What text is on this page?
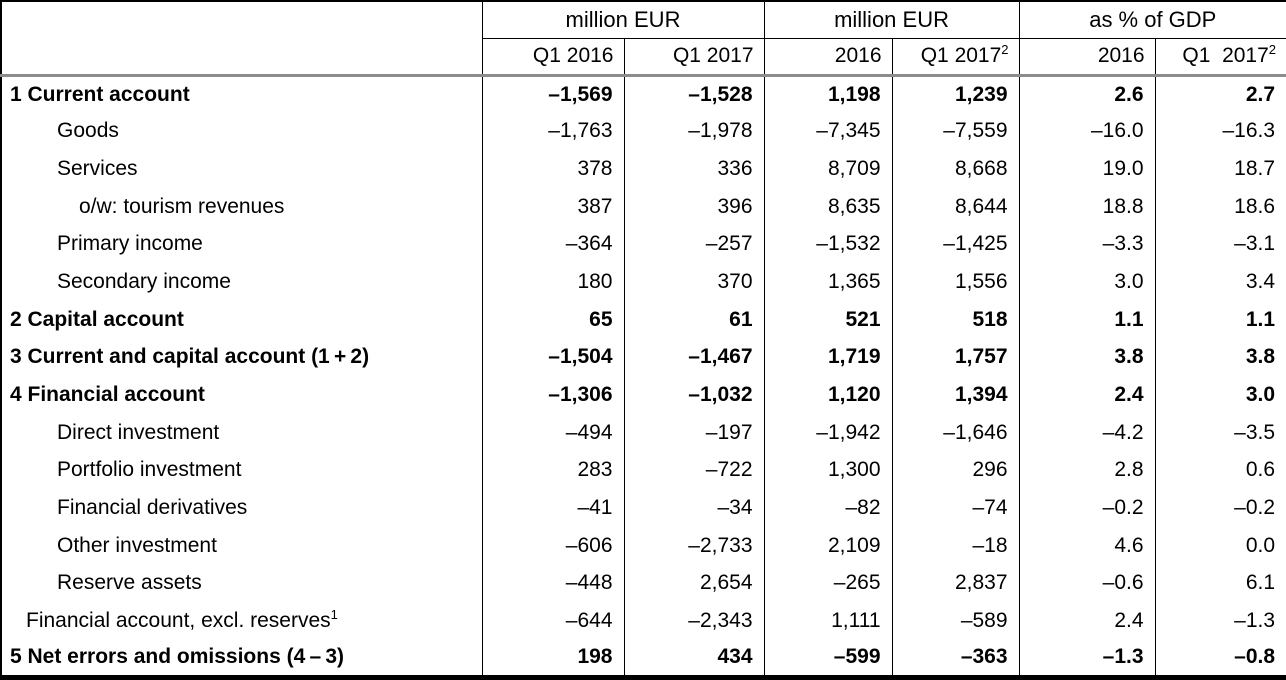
	million EUR		million EUR		as % of GDP	
	Q1 2016	Q1 2017	2016	Q1 2017$^2$	2016	Q1  2017$^2$
1 Current account	–1,569	–1,528	1,198	1,239	2.6	2.7
Goods	–1,763	–1,978	–7,345	–7,559	–16.0	–16.3
Services	378	336	8,709	8,668	19.0	18.7
o/w: tourism revenues	387	396	8,635	8,644	18.8	18.6
Primary income	–364	–257	–1,532	–1,425	–3.3	–3.1
Secondary income	180	370	1,365	1,556	3.0	3.4
2 Capital account	65	61	521	518	1.1	1.1
3 Current and capital account (1 + 2)	–1,504	–1,467	1,719	1,757	3.8	3.8
4 Financial account	–1,306	–1,032	1,120	1,394	2.4	3.0
Direct investment	–494	–197	–1,942	–1,646	–4.2	–3.5
Portfolio investment	283	–722	1,300	296	2.8	0.6
Financial derivatives	–41	–34	–82	–74	–0.2	–0.2
Other investment	–606	–2,733	2,109	–18	4.6	0.0
Reserve assets	–448	2,654	–265	2,837	–0.6	6.1
Financial account, excl. reserves$^1$	–644	–2,343	1,111	–589	2.4	–1.3
5 Net errors and omissions (4 – 3)	198	434	–599	–363	–1.3	–0.8
